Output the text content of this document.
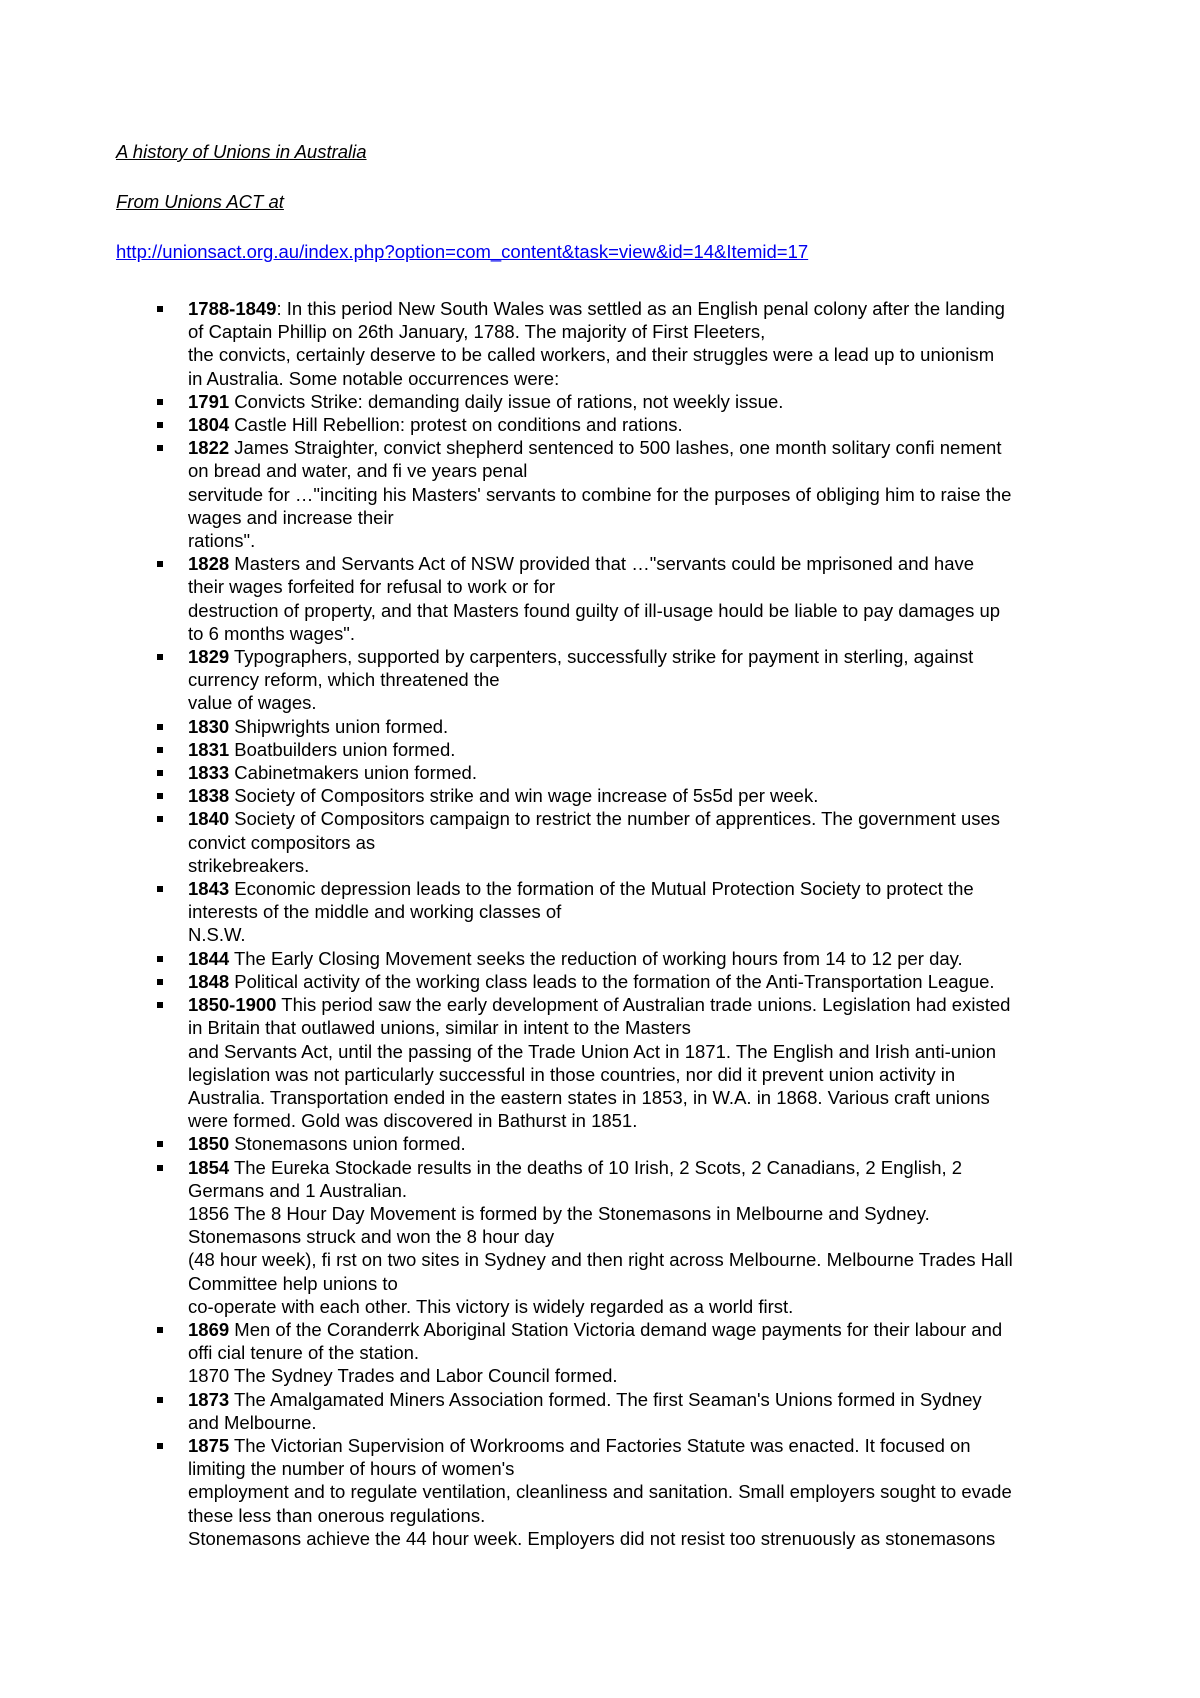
A history of Unions in Australia

From Unions ACT at

http://unionsact.org.au/index.php?option=com_content&task=view&id=14&Itemid=17

1788-1849: In this period New South Wales was settled as an English penal colony after the landing
of Captain Phillip on 26th January, 1788. The majority of First Fleeters,
the convicts, certainly deserve to be called workers, and their struggles were a lead up to unionism
in Australia. Some notable occurrences were:
1791 Convicts Strike: demanding daily issue of rations, not weekly issue.
1804 Castle Hill Rebellion: protest on conditions and rations.
1822 James Straighter, convict shepherd sentenced to 500 lashes, one month solitary confi nement
on bread and water, and fi ve years penal
servitude for …"inciting his Masters' servants to combine for the purposes of obliging him to raise the
wages and increase their
rations".
1828 Masters and Servants Act of NSW provided that …"servants could be mprisoned and have
their wages forfeited for refusal to work or for
destruction of property, and that Masters found guilty of ill-usage hould be liable to pay damages up
to 6 months wages".
1829 Typographers, supported by carpenters, successfully strike for payment in sterling, against
currency reform, which threatened the
value of wages.
1830 Shipwrights union formed.
1831 Boatbuilders union formed.
1833 Cabinetmakers union formed.
1838 Society of Compositors strike and win wage increase of 5s5d per week.
1840 Society of Compositors campaign to restrict the number of apprentices. The government uses
convict compositors as
strikebreakers.
1843 Economic depression leads to the formation of the Mutual Protection Society to protect the
interests of the middle and working classes of
N.S.W.
1844 The Early Closing Movement seeks the reduction of working hours from 14 to 12 per day.
1848 Political activity of the working class leads to the formation of the Anti-Transportation League.
1850-1900 This period saw the early development of Australian trade unions. Legislation had existed
in Britain that outlawed unions, similar in intent to the Masters
and Servants Act, until the passing of the Trade Union Act in 1871. The English and Irish anti-union
legislation was not particularly successful in those countries, nor did it prevent union activity in
Australia. Transportation ended in the eastern states in 1853, in W.A. in 1868. Various craft unions
were formed. Gold was discovered in Bathurst in 1851.
1850 Stonemasons union formed.
1854 The Eureka Stockade results in the deaths of 10 Irish, 2 Scots, 2 Canadians, 2 English, 2
Germans and 1 Australian.
1856 The 8 Hour Day Movement is formed by the Stonemasons in Melbourne and Sydney.
Stonemasons struck and won the 8 hour day
(48 hour week), fi rst on two sites in Sydney and then right across Melbourne. Melbourne Trades Hall
Committee help unions to
co-operate with each other. This victory is widely regarded as a world first.
1869 Men of the Coranderrk Aboriginal Station Victoria demand wage payments for their labour and
offi cial tenure of the station.
1870 The Sydney Trades and Labor Council formed.
1873 The Amalgamated Miners Association formed. The first Seaman's Unions formed in Sydney
and Melbourne.
1875 The Victorian Supervision of Workrooms and Factories Statute was enacted. It focused on
limiting the number of hours of women's
employment and to regulate ventilation, cleanliness and sanitation. Small employers sought to evade
these less than onerous regulations.
Stonemasons achieve the 44 hour week. Employers did not resist too strenuously as stonemasons
